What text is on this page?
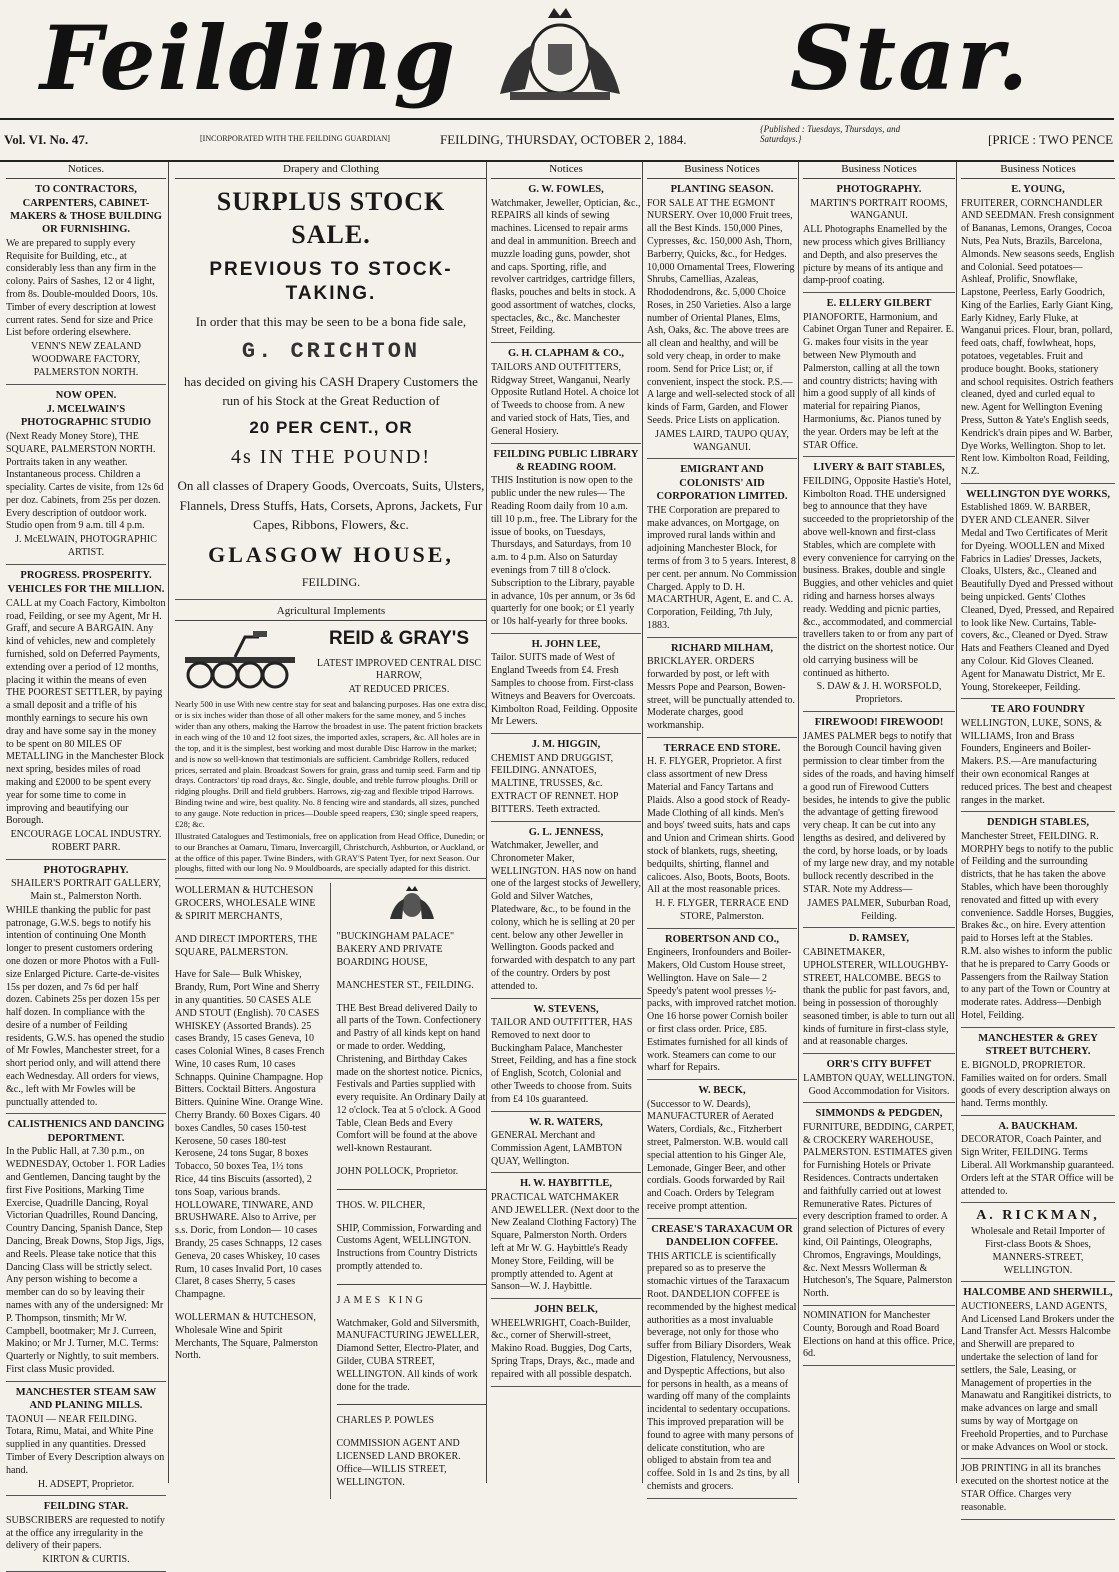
Feilding	Star.
Vol. VI. No. 47.	[INCORPORATED WITH THE FEILDING GUARDIAN]	FEILDING, THURSDAY, OCTOBER 2, 1884.
{Published : Tuesdays, Thursdays, and Saturdays.}	[PRICE : TWO PENCE
Notices.

TO CONTRACTORS, CARPENTERS, CABINET-MAKERS & THOSE BUILDING OR FURNISHING.

We are prepared to supply every Requisite for Building, etc., at considerably less than any firm in the colony. Pairs of Sashes, 12 or 4 light, from 8s. Double-moulded Doors, 10s. Timber of every description at lowest current rates. Send for size and Price List before ordering elsewhere.

VENN'S NEW ZEALAND WOODWARE FACTORY, PALMERSTON NORTH.

NOW OPEN.

J. MCELWAIN'S PHOTOGRAPHIC STUDIO

(Next Ready Money Store), THE SQUARE, PALMERSTON NORTH. Portraits taken in any weather. Instantaneous process. Children a speciality. Cartes de visite, from 12s 6d per doz. Cabinets, from 25s per dozen. Every description of outdoor work. Studio open from 9 a.m. till 4 p.m.

J. McELWAIN, PHOTOGRAPHIC ARTIST.

PROGRESS. PROSPERITY.

VEHICLES FOR THE MILLION.

CALL at my Coach Factory, Kimbolton road, Feilding, or see my Agent, Mr H. Graff, and secure A BARGAIN. Any kind of vehicles, new and completely furnished, sold on Deferred Payments, extending over a period of 12 months, placing it within the means of even THE POOREST SETTLER, by paying a small deposit and a trifle of his monthly earnings to secure his own dray and have some say in the money to be spent on 80 MILES OF METALLING in the Manchester Block next spring, besides miles of road making and £2000 to be spent every year for some time to come in improving and beautifying our Borough.

ENCOURAGE LOCAL INDUSTRY. ROBERT PARR.

PHOTOGRAPHY.

SHAILER'S PORTRAIT GALLERY, Main st., Palmerston North.

WHILE thanking the public for past patronage, G.W.S. begs to notify his intention of continuing One Month longer to present customers ordering one dozen or more Photos with a Full-size Enlarged Picture. Carte-de-visites 15s per dozen, and 7s 6d per half dozen. Cabinets 25s per dozen 15s per half dozen. In compliance with the desire of a number of Feilding residents, G.W.S. has opened the studio of Mr Fowles, Manchester street, for a short period only, and will attend there each Wednesday. All orders for views, &c., left with Mr Fowles will be punctually attended to.

CALISTHENICS AND DANCING DEPORTMENT.

In the Public Hall, at 7.30 p.m., on WEDNESDAY, October 1. FOR Ladies and Gentlemen, Dancing taught by the first Five Positions, Marking Time Exercise, Quadrille Dancing, Royal Victorian Quadrilles, Round Dancing, Country Dancing, Spanish Dance, Step Dancing, Break Downs, Stop Jigs, Jigs, and Reels. Please take notice that this Dancing Class will be strictly select. Any person wishing to become a member can do so by leaving their names with any of the undersigned: Mr P. Thompson, tinsmith; Mr W. Campbell, bootmaker; Mr J. Curreen, Makino; or Mr J. Turner, M.C. Terms: Quarterly or Nightly, to suit members. First class Music provided.

MANCHESTER STEAM SAW AND PLANING MILLS.

TAONUI — NEAR FEILDING. Totara, Rimu, Matai, and White Pine supplied in any quantities. Dressed Timber of Every Description always on hand.

H. ADSEPT, Proprietor.

FEILDING STAR.

SUBSCRIBERS are requested to notify at the office any irregularity in the delivery of their papers.

KIRTON & CURTIS.

Drapery and Clothing
SURPLUS STOCK SALE.
PREVIOUS TO STOCK-TAKING.
In order that this may be seen to be a bona fide sale,
G. CRICHTON
has decided on giving his CASH Drapery Customers the run of his Stock at the Great Reduction of
20 PER CENT., OR
4s IN THE POUND!
On all classes of Drapery Goods, Overcoats, Suits, Ulsters, Flannels, Dress Stuffs, Hats, Corsets, Aprons, Jackets, Fur Capes, Ribbons, Flowers, &c.
GLASGOW HOUSE,
FEILDING.
Agricultural Implements
REID & GRAY'S

LATEST IMPROVED CENTRAL DISC HARROW,

AT REDUCED PRICES.

Nearly 500 in use With new centre stay for seat and balancing purposes. Has one extra disc, or is six inches wider than those of all other makers for the same money, and 5 inches wider than any others, making the Harrow the broadest in use. The patent friction brackets in each wing of the 10 and 12 foot sizes, the imported axles, scrapers, &c. All holes are in the top, and it is the simplest, best working and most durable Disc Harrow in the market; and is now so well-known that testimonials are sufficient. Cambridge Rollers, reduced prices, serrated and plain. Broadcast Sowers for grain, grass and turnip seed. Farm and tip drays. Contractors' tip road drays, &c. Single, double, and treble furrow ploughs. Drill or ridging ploughs. Drill and field grubbers. Harrows, zig-zag and flexible tripod Harrows. Binding twine and wire, best quality. No. 8 fencing wire and standards, all sizes, punched to any gauge. Note reduction in prices—Double speed reapers, £30; single speed reapers, £28; &c.

Illustrated Catalogues and Testimonials, free on application from Head Office, Dunedin; or to our Branches at Oamaru, Timaru, Invercargill, Christchurch, Ashburton, or Auckland, or at the office of this paper. Twine Binders, with GRAY'S Patent Tyer, for next Season. Our ploughs, fitted with our long No. 9 Mouldboards, are specially adapted for this district.

WOLLERMAN & HUTCHESON GROCERS, WHOLESALE WINE & SPIRIT MERCHANTS,

AND DIRECT IMPORTERS, THE SQUARE, PALMERSTON.

Have for Sale— Bulk Whiskey, Brandy, Rum, Port Wine and Sherry in any quantities. 50 CASES ALE AND STOUT (English). 70 CASES WHISKEY (Assorted Brands). 25 cases Brandy, 15 cases Geneva, 10 cases Colonial Wines, 8 cases French Wine, 10 cases Rum, 10 cases Schnapps. Quinine Champagne. Hop Bitters. Cocktail Bitters. Angostura Bitters. Quinine Wine. Orange Wine. Cherry Brandy. 60 Boxes Cigars. 40 boxes Candles, 50 cases 150-test Kerosene, 50 cases 180-test Kerosene, 24 tons Sugar, 8 boxes Tobacco, 50 boxes Tea, 1½ tons Rice, 44 tins Biscuits (assorted), 2 tons Soap, various brands. HOLLOWARE, TINWARE, AND BRUSHWARE. Also to Arrive, per s.s. Doric, from London— 10 cases Brandy, 25 cases Schnapps, 12 cases Geneva, 20 cases Whiskey, 10 cases Rum, 10 cases Invalid Port, 10 cases Claret, 8 cases Sherry, 5 cases Champagne.

WOLLERMAN & HUTCHESON, Wholesale Wine and Spirit Merchants, The Square, Palmerston North.

"BUCKINGHAM PALACE" BAKERY AND PRIVATE BOARDING HOUSE,

MANCHESTER ST., FEILDING.

THE Best Bread delivered Daily to all parts of the Town. Confectionery and Pastry of all kinds kept on hand or made to order. Wedding, Christening, and Birthday Cakes made on the shortest notice. Picnics, Festivals and Parties supplied with every requisite. An Ordinary Daily at 12 o'clock. Tea at 5 o'clock. A Good Table, Clean Beds and Every Comfort will be found at the above well-known Restaurant.

JOHN POLLOCK, Proprietor.

THOS. W. PILCHER,

SHIP, Commission, Forwarding and Customs Agent, WELLINGTON. Instructions from Country Districts promptly attended to.

JAMES KING

Watchmaker, Gold and Silversmith, MANUFACTURING JEWELLER, Diamond Setter, Electro-Plater, and Gilder, CUBA STREET, WELLINGTON. All kinds of work done for the trade.

CHARLES P. POWLES

COMMISSION AGENT AND LICENSED LAND BROKER. Office—WILLIS STREET, WELLINGTON.

Notices

G. W. FOWLES,

Watchmaker, Jeweller, Optician, &c., REPAIRS all kinds of sewing machines. Licensed to repair arms and deal in ammunition. Breech and muzzle loading guns, powder, shot and caps. Sporting, rifle, and revolver cartridges, cartridge fillers, flasks, pouches and belts in stock. A good assortment of watches, clocks, spectacles, &c., &c. Manchester Street, Feilding.

G. H. CLAPHAM & CO.,

TAILORS AND OUTFITTERS, Ridgway Street, Wanganui, Nearly Opposite Rutland Hotel. A choice lot of Tweeds to choose from. A new and varied stock of Hats, Ties, and General Hosiery.

FEILDING PUBLIC LIBRARY & READING ROOM.

THIS Institution is now open to the public under the new rules— The Reading Room daily from 10 a.m. till 10 p.m., free. The Library for the issue of books, on Tuesdays, Thursdays, and Saturdays, from 10 a.m. to 4 p.m. Also on Saturday evenings from 7 till 8 o'clock. Subscription to the Library, payable in advance, 10s per annum, or 3s 6d quarterly for one book; or £1 yearly or 10s half-yearly for three books.

H. JOHN LEE,

Tailor. SUITS made of West of England Tweeds from £4. Fresh Samples to choose from. First-class Witneys and Beavers for Overcoats. Kimbolton Road, Feilding. Opposite Mr Lewers.

J. M. HIGGIN,

CHEMIST AND DRUGGIST, FEILDING. ANNATOES, MALTINE, TRUSSES, &c. EXTRACT OF RENNET. HOP BITTERS. Teeth extracted.

G. L. JENNESS,

Watchmaker, Jeweller, and Chronometer Maker, WELLINGTON. HAS now on hand one of the largest stocks of Jewellery, Gold and Silver Watches, Platedware, &c., to be found in the colony, which he is selling at 20 per cent. below any other Jeweller in Wellington. Goods packed and forwarded with despatch to any part of the country. Orders by post attended to.

W. STEVENS,

TAILOR AND OUTFITTER, HAS Removed to next door to Buckingham Palace, Manchester Street, Feilding, and has a fine stock of English, Scotch, Colonial and other Tweeds to choose from. Suits from £4 10s guaranteed.

W. R. WATERS,

GENERAL Merchant and Commission Agent, LAMBTON QUAY, Wellington.

H. W. HAYBITTLE,

PRACTICAL WATCHMAKER AND JEWELLER. (Next door to the New Zealand Clothing Factory) The Square, Palmerston North. Orders left at Mr W. G. Haybittle's Ready Money Store, Feilding, will be promptly attended to. Agent at Sanson—W. J. Haybittle.

JOHN BELK,

WHEELWRIGHT, Coach-Builder, &c., corner of Sherwill-street, Makino Road. Buggies, Dog Carts, Spring Traps, Drays, &c., made and repaired with all possible despatch.

Business Notices

PLANTING SEASON.

FOR SALE AT THE EGMONT NURSERY. Over 10,000 Fruit trees, all the Best Kinds. 150,000 Pines, Cypresses, &c. 150,000 Ash, Thorn, Barberry, Quicks, &c., for Hedges. 10,000 Ornamental Trees, Flowering Shrubs, Camellias, Azaleas, Rhododendrons, &c. 5,000 Choice Roses, in 250 Varieties. Also a large number of Oriental Planes, Elms, Ash, Oaks, &c. The above trees are all clean and healthy, and will be sold very cheap, in order to make room. Send for Price List; or, if convenient, inspect the stock. P.S.—A large and well-selected stock of all kinds of Farm, Garden, and Flower Seeds. Price Lists on application.

JAMES LAIRD, TAUPO QUAY, WANGANUI.

EMIGRANT AND COLONISTS' AID CORPORATION LIMITED.

THE Corporation are prepared to make advances, on Mortgage, on improved rural lands within and adjoining Manchester Block, for terms of from 3 to 5 years. Interest, 8 per cent. per annum. No Commission Charged. Apply to D. H. MACARTHUR, Agent, E. and C. A. Corporation, Feilding, 7th July, 1883.

RICHARD MILHAM,

BRICKLAYER. ORDERS forwarded by post, or left with Messrs Pope and Pearson, Bowen-street, will be punctually attended to. Moderate charges, good workmanship.

TERRACE END STORE.

H. F. FLYGER, Proprietor. A first class assortment of new Dress Material and Fancy Tartans and Plaids. Also a good stock of Ready-Made Clothing of all kinds. Men's and boys' tweed suits, hats and caps and Union and Crimean shirts. Good stock of blankets, rugs, sheeting, bedquilts, shirting, flannel and calicoes. Also, Boots, Boots, Boots. All at the most reasonable prices.

H. F. FLYGER, TERRACE END STORE, Palmerston.

ROBERTSON AND CO.,

Engineers, Ironfounders and Boiler-Makers, Old Custom House street, Wellington. Have on Sale— 2 Speedy's patent wool presses ½-packs, with improved ratchet motion. One 16 horse power Cornish boiler or first class order. Price, £85. Estimates furnished for all kinds of work. Steamers can come to our wharf for Repairs.

W. BECK,

(Successor to W. Deards), MANUFACTURER of Aerated Waters, Cordials, &c., Fitzherbert street, Palmerston. W.B. would call special attention to his Ginger Ale, Lemonade, Ginger Beer, and other cordials. Goods forwarded by Rail and Coach. Orders by Telegram receive prompt attention.

CREASE'S TARAXACUM OR DANDELION COFFEE.

THIS ARTICLE is scientifically prepared so as to preserve the stomachic virtues of the Taraxacum Root. DANDELION COFFEE is recommended by the highest medical authorities as a most invaluable beverage, not only for those who suffer from Biliary Disorders, Weak Digestion, Flatulency, Nervousness, and Dyspeptic Affections, but also for persons in health, as a means of warding off many of the complaints incidental to sedentary occupations. This improved preparation will be found to agree with many persons of delicate constitution, who are obliged to abstain from tea and coffee. Sold in 1s and 2s tins, by all chemists and grocers.

Business Notices

PHOTOGRAPHY.

MARTIN'S PORTRAIT ROOMS, WANGANUI.

ALL Photographs Enamelled by the new process which gives Brilliancy and Depth, and also preserves the picture by means of its antique and damp-proof coating.

E. ELLERY GILBERT

PIANOFORTE, Harmonium, and Cabinet Organ Tuner and Repairer. E. G. makes four visits in the year between New Plymouth and Palmerston, calling at all the town and country districts; having with him a good supply of all kinds of material for repairing Pianos, Harmoniums, &c. Pianos tuned by the year. Orders may be left at the STAR Office.

LIVERY & BAIT STABLES,

FEILDING, Opposite Hastie's Hotel, Kimbolton Road. THE undersigned beg to announce that they have succeeded to the proprietorship of the above well-known and first-class Stables, which are complete with every convenience for carrying on the business. Brakes, double and single Buggies, and other vehicles and quiet riding and harness horses always ready. Wedding and picnic parties, &c., accommodated, and commercial travellers taken to or from any part of the district on the shortest notice. Our old carrying business will be continued as hitherto.

S. DAW & J. H. WORSFOLD, Proprietors.

FIREWOOD! FIREWOOD!

JAMES PALMER begs to notify that the Borough Council having given permission to clear timber from the sides of the roads, and having himself a good run of Firewood Cutters besides, he intends to give the public the advantage of getting firewood very cheap. It can be cut into any lengths as desired, and delivered by the cord, by horse loads, or by loads of my large new dray, and my notable bullock recently described in the STAR. Note my Address—

JAMES PALMER, Suburban Road, Feilding.

D. RAMSEY,

CABINETMAKER, UPHOLSTERER, WILLOUGHBY-STREET, HALCOMBE. BEGS to thank the public for past favors, and, being in possession of thoroughly seasoned timber, is able to turn out all kinds of furniture in first-class style, and at reasonable charges.

ORR'S CITY BUFFET

LAMBTON QUAY, WELLINGTON. Good Accommodation for Visitors.

SIMMONDS & PEDGDEN,

FURNITURE, BEDDING, CARPET, & CROCKERY WAREHOUSE, PALMERSTON. ESTIMATES given for Furnishing Hotels or Private Residences. Contracts undertaken and faithfully carried out at lowest Remunerative Rates. Pictures of every description framed to order. A grand selection of Pictures of every kind, Oil Paintings, Oleographs, Chromos, Engravings, Mouldings, &c. Next Messrs Wollerman & Hutcheson's, The Square, Palmerston North.

NOMINATION for Manchester County, Borough and Road Board Elections on hand at this office. Price, 6d.

Business Notices

E. YOUNG,

FRUITERER, CORNCHANDLER AND SEEDMAN. Fresh consignment of Bananas, Lemons, Oranges, Cocoa Nuts, Pea Nuts, Brazils, Barcelona, Almonds. New seasons seeds, English and Colonial. Seed potatoes—Ashleaf, Prolific, Snowflake, Lapstone, Peerless, Early Goodrich, King of the Earlies, Early Giant King, Early Kidney, Early Fluke, at Wanganui prices. Flour, bran, pollard, feed oats, chaff, fowlwheat, hops, potatoes, vegetables. Fruit and produce bought. Books, stationery and school requisites. Ostrich feathers cleaned, dyed and curled equal to new. Agent for Wellington Evening Press, Sutton & Yate's English seeds, Kendrick's drain pipes and W. Barber, Dye Works, Wellington. Shop to let. Rent low. Kimbolton Road, Feilding, N.Z.

WELLINGTON DYE WORKS,

Established 1869. W. BARBER, DYER AND CLEANER. Silver Medal and Two Certificates of Merit for Dyeing. WOOLLEN and Mixed Fabrics in Ladies' Dresses, Jackets, Cloaks, Ulsters, &c., Cleaned and Beautifully Dyed and Pressed without being unpicked. Gents' Clothes Cleaned, Dyed, Pressed, and Repaired to look like New. Curtains, Table-covers, &c., Cleaned or Dyed. Straw Hats and Feathers Cleaned and Dyed any Colour. Kid Gloves Cleaned. Agent for Manawatu District, Mr E. Young, Storekeeper, Feilding.

TE ARO FOUNDRY

WELLINGTON, LUKE, SONS, & WILLIAMS, Iron and Brass Founders, Engineers and Boiler-Makers. P.S.—Are manufacturing their own economical Ranges at reduced prices. The best and cheapest ranges in the market.

DENDIGH STABLES,

Manchester Street, FEILDING. R. MORPHY begs to notify to the public of Feilding and the surrounding districts, that he has taken the above Stables, which have been thoroughly renovated and fitted up with every convenience. Saddle Horses, Buggies, Brakes &c., on hire. Every attention paid to Horses left at the Stables. R.M. also wishes to inform the public that he is prepared to Carry Goods or Passengers from the Railway Station to any part of the Town or Country at moderate rates. Address—Denbigh Hotel, Feilding.

MANCHESTER & GREY STREET BUTCHERY.

E. BIGNOLD, PROPRIETOR. Families waited on for orders. Small goods of every description always on hand. Terms monthly.

A. BAUCKHAM.

DECORATOR, Coach Painter, and Sign Writer, FEILDING. Terms Liberal. All Workmanship guaranteed. Orders left at the STAR Office will be attended to.

A. RICKMAN,

Wholesale and Retail Importer of First-class Boots & Shoes, MANNERS-STREET, WELLINGTON.

HALCOMBE AND SHERWILL,

AUCTIONEERS, LAND AGENTS, And Licensed Land Brokers under the Land Transfer Act. Messrs Halcombe and Sherwill are prepared to undertake the selection of land for settlers, the Sale, Leasing, or Management of properties in the Manawatu and Rangitikei districts, to make advances on large and small sums by way of Mortgage on Freehold Properties, and to Purchase or make Advances on Wool or stock.

JOB PRINTING in all its branches executed on the shortest notice at the STAR Office. Charges very reasonable.
